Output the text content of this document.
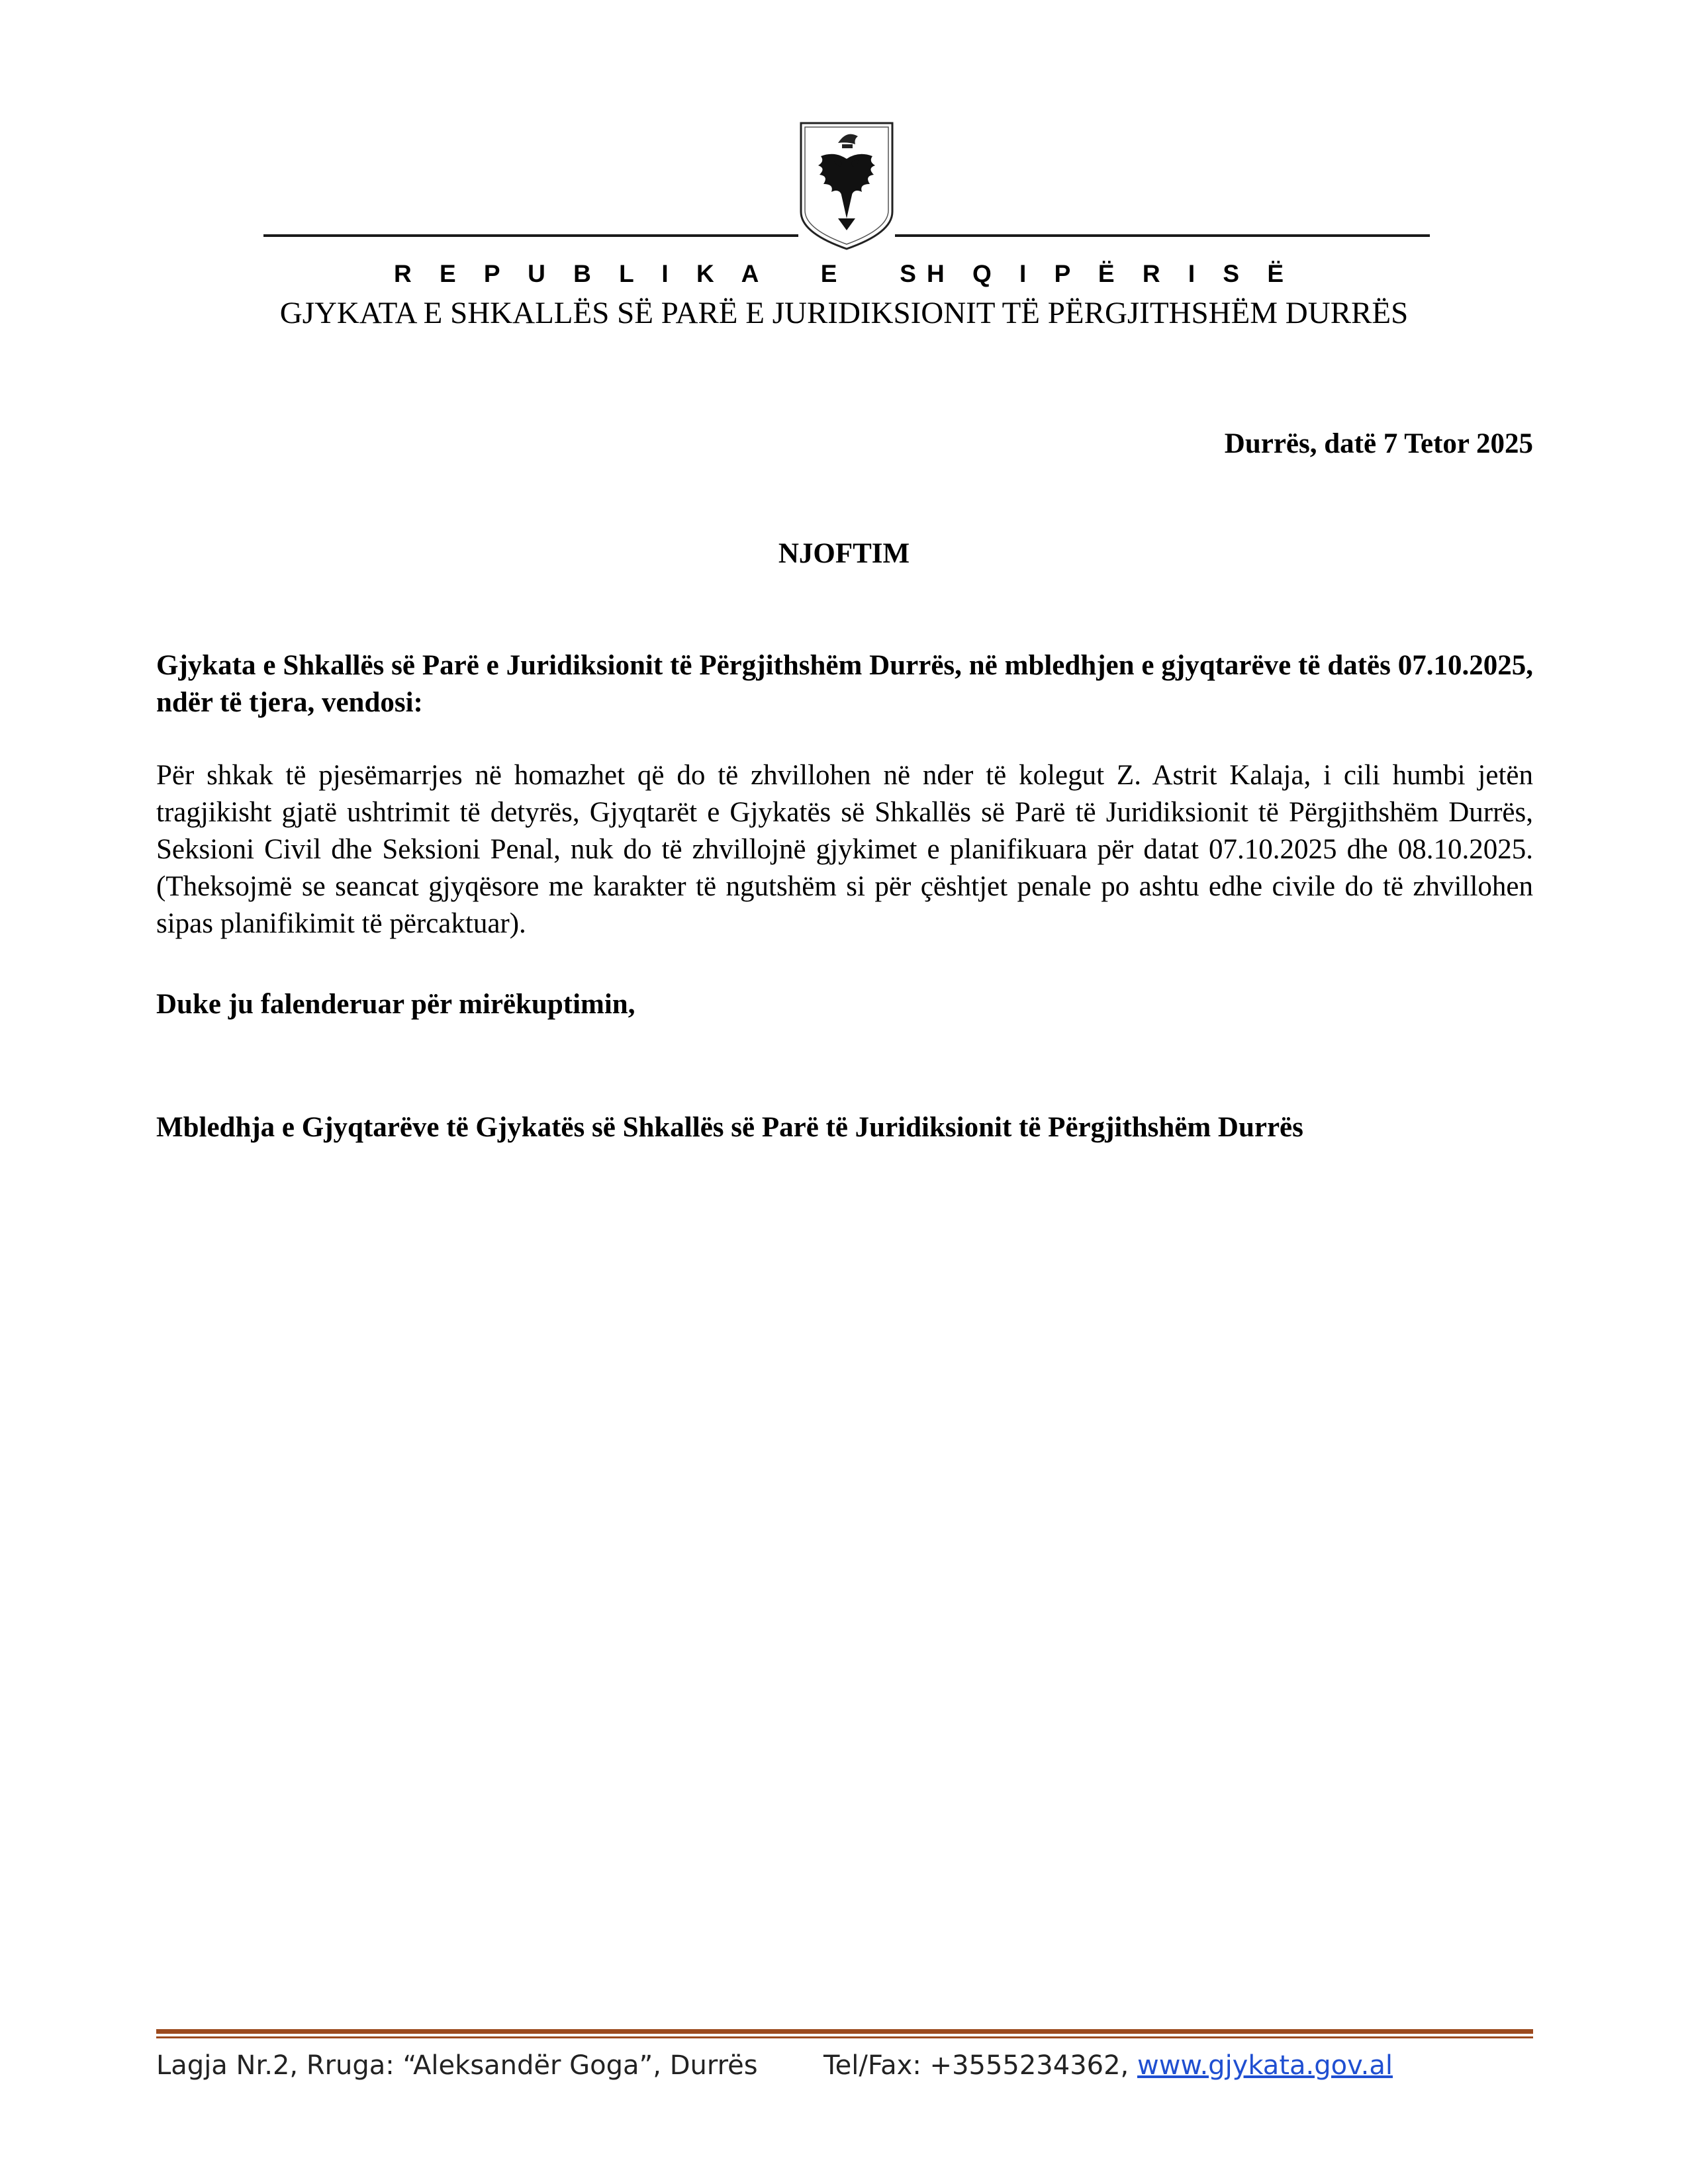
R E P U B L I K A   E   SH Q I P Ë R I S Ë
GJYKATA E SHKALLËS SË PARË E JURIDIKSIONIT TË PËRGJITHSHËM DURRËS
Durrës, datë 7 Tetor 2025
NJOFTIM

Gjykata e Shkallës së Parë e Juridiksionit të Përgjithshëm Durrës, në mbledhjen e gjyqtarëve të datës 07.10.2025, ndër të tjera, vendosi:

Për shkak të pjesëmarrjes në homazhet që do të zhvillohen në nder të kolegut Z. Astrit Kalaja, i cili humbi jetën tragjikisht gjatë ushtrimit të detyrës, Gjyqtarët e Gjykatës së Shkallës së Parë të Juridiksionit të Përgjithshëm Durrës, Seksioni Civil dhe Seksioni Penal, nuk do të zhvillojnë gjykimet e planifikuara për datat 07.10.2025 dhe 08.10.2025. (Theksojmë se seancat gjyqësore me karakter të ngutshëm si për çështjet penale po ashtu edhe civile do të zhvillohen sipas planifikimit të përcaktuar).

Duke ju falenderuar për mirëkuptimin,

Mbledhja e Gjyqtarëve të Gjykatës së Shkallës së Parë të Juridiksionit të Përgjithshëm Durrës

Lagja Nr.2, Rruga: “Aleksandër Goga”, Durrës Tel/Fax: +3555234362, www.gjykata.gov.al
